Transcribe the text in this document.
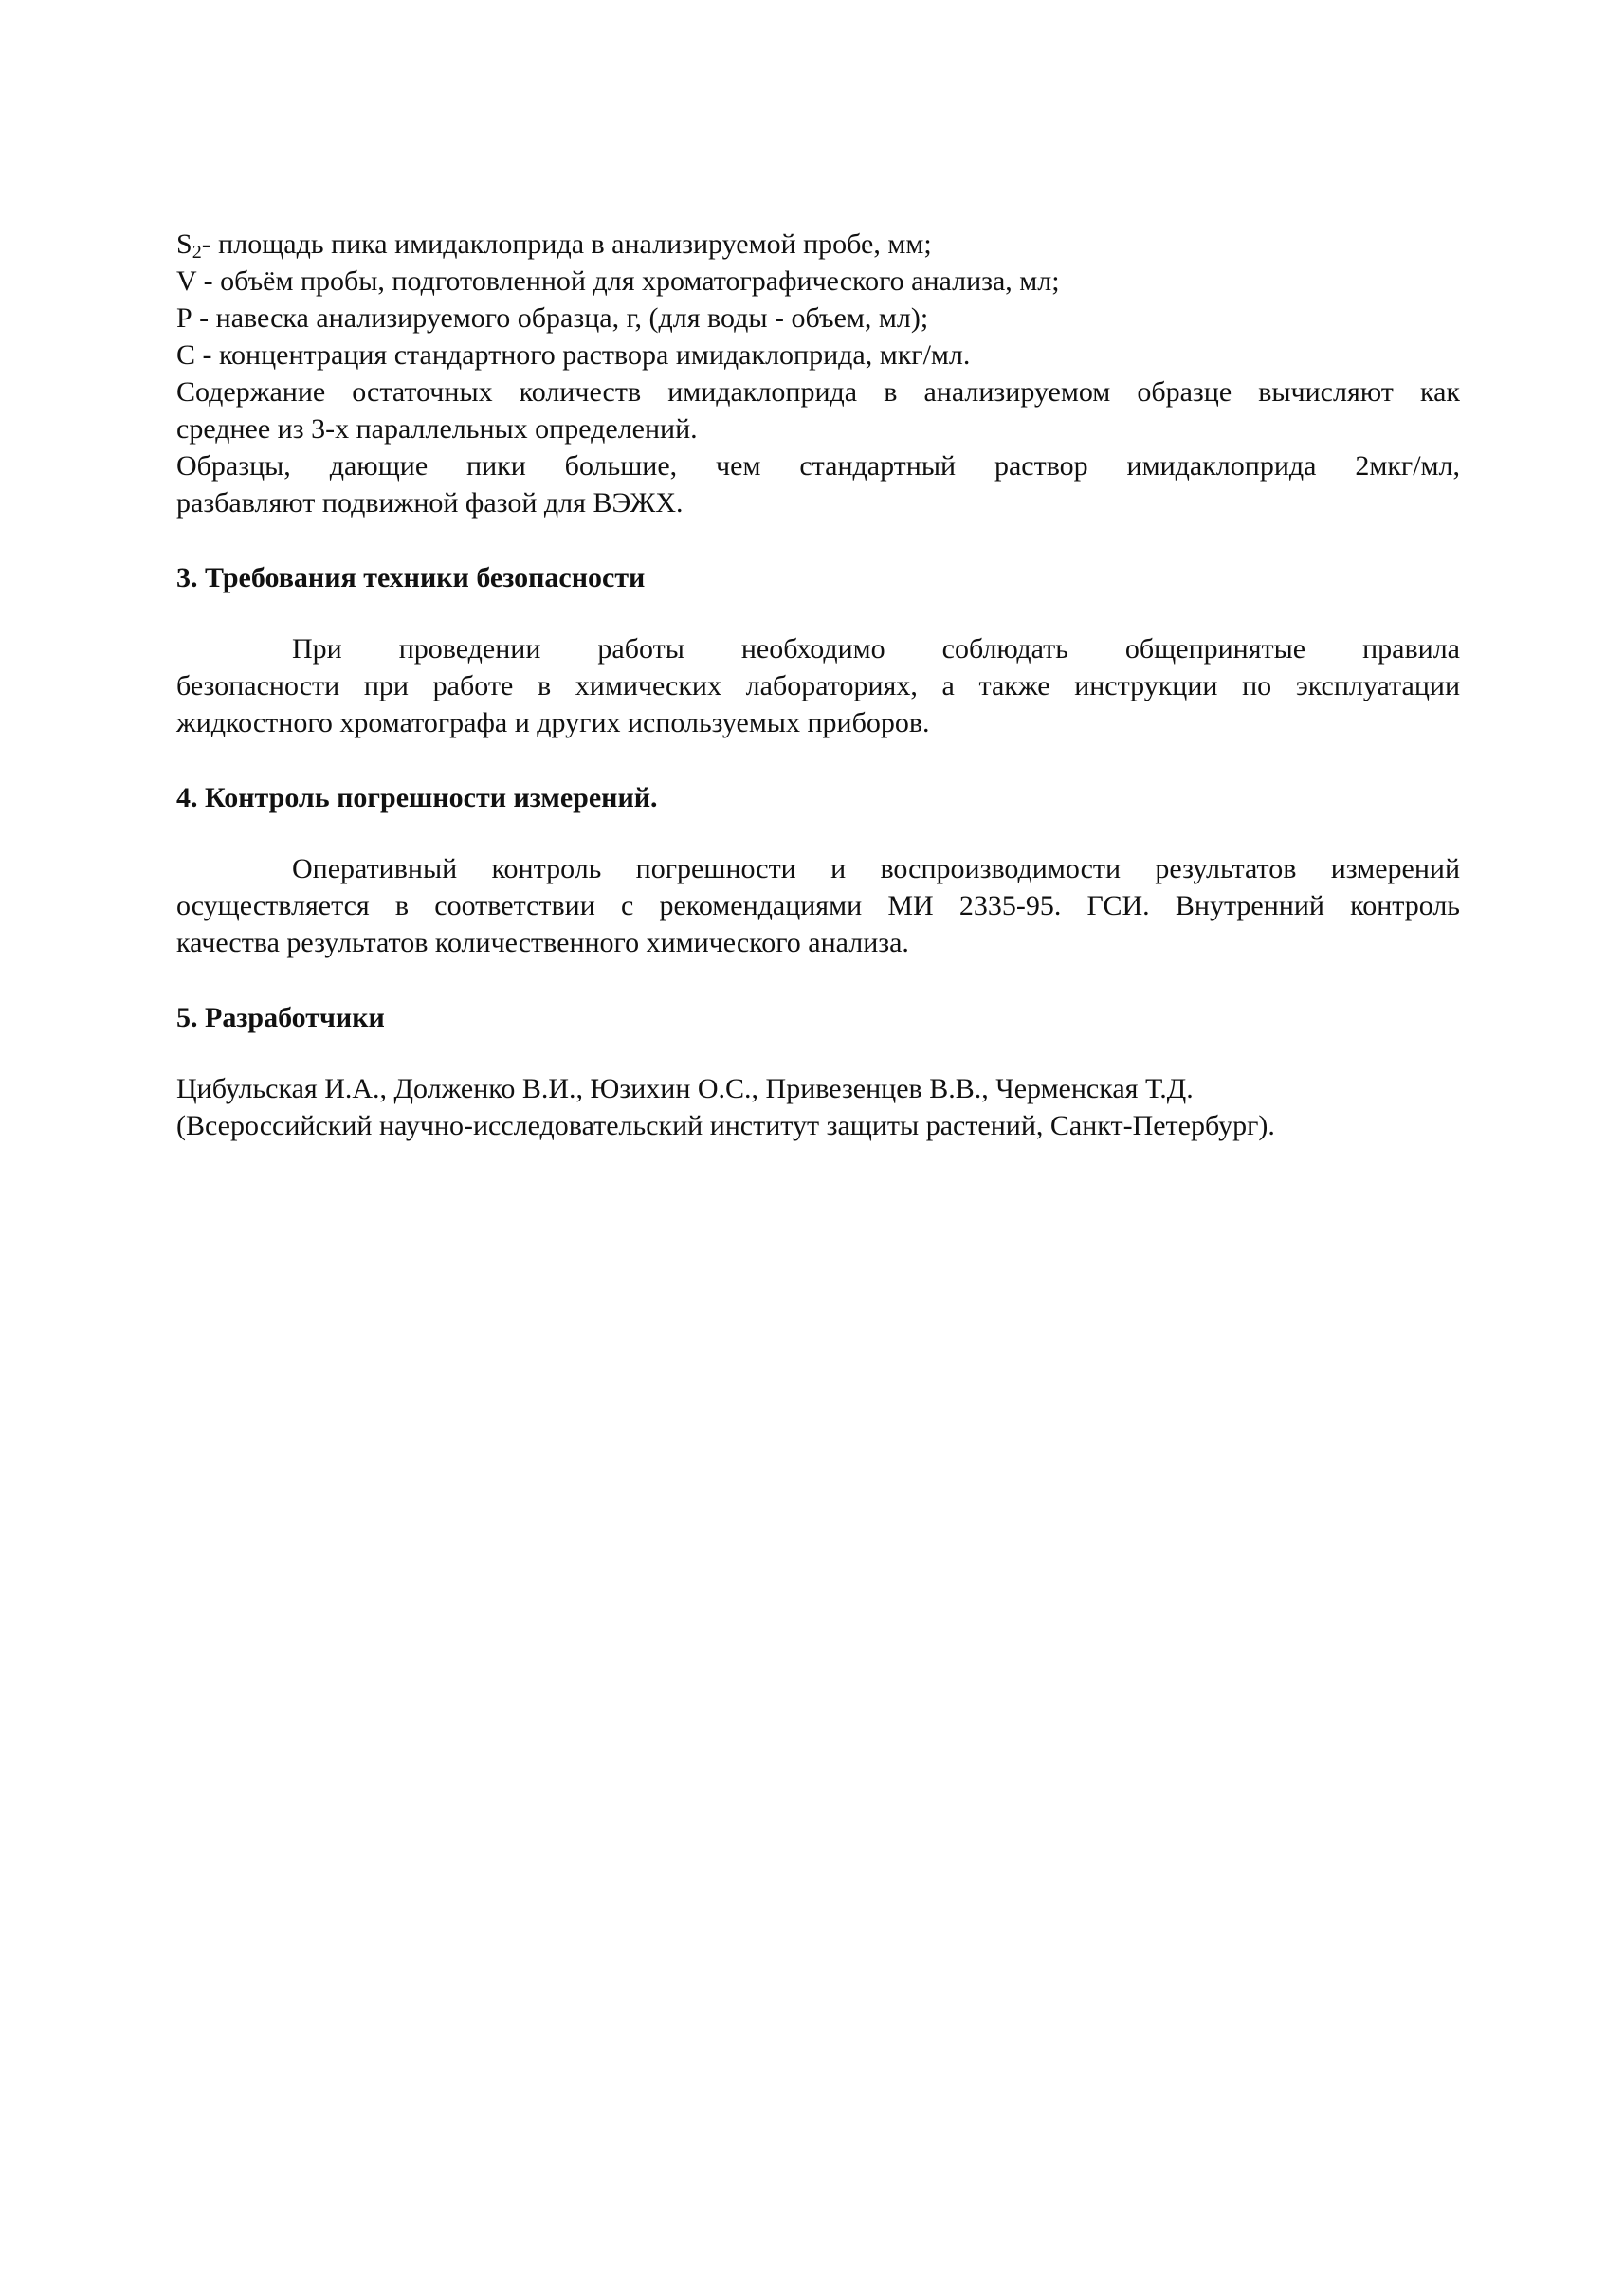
$S_2-$ площадь пика имидаклоприда в анализируемой пробе, мм;
V - объём пробы, подготовленной для хроматографического анализа, мл;
Р - навеска анализируемого образца, г, (для воды - объем, мл);
С - концентрация стандартного раствора имидаклоприда, мкг/мл.
Содержание остаточных количеств имидаклоприда в анализируемом образце вычисляют как
среднее из 3-х параллельных определений.
Образцы, дающие пики большие, чем стандартный раствор имидаклоприда 2мкг/мл,
разбавляют подвижной фазой для ВЭЖХ.
3. Требования техники безопасности
При проведении работы необходимо соблюдать общепринятые правила
безопасности при работе в химических лабораториях, а также инструкции по эксплуатации
жидкостного хроматографа и других используемых приборов.
4. Контроль погрешности измерений.
Оперативный контроль погрешности и воспроизводимости результатов измерений
осуществляется в соответствии с рекомендациями МИ 2335-95. ГСИ. Внутренний контроль
качества результатов количественного химического анализа.
5. Разработчики
Цибульская И.А., Долженко В.И., Юзихин О.С., Привезенцев В.В., Черменская Т.Д.
(Всероссийский научно-исследовательский институт защиты растений, Санкт-Петербург).
